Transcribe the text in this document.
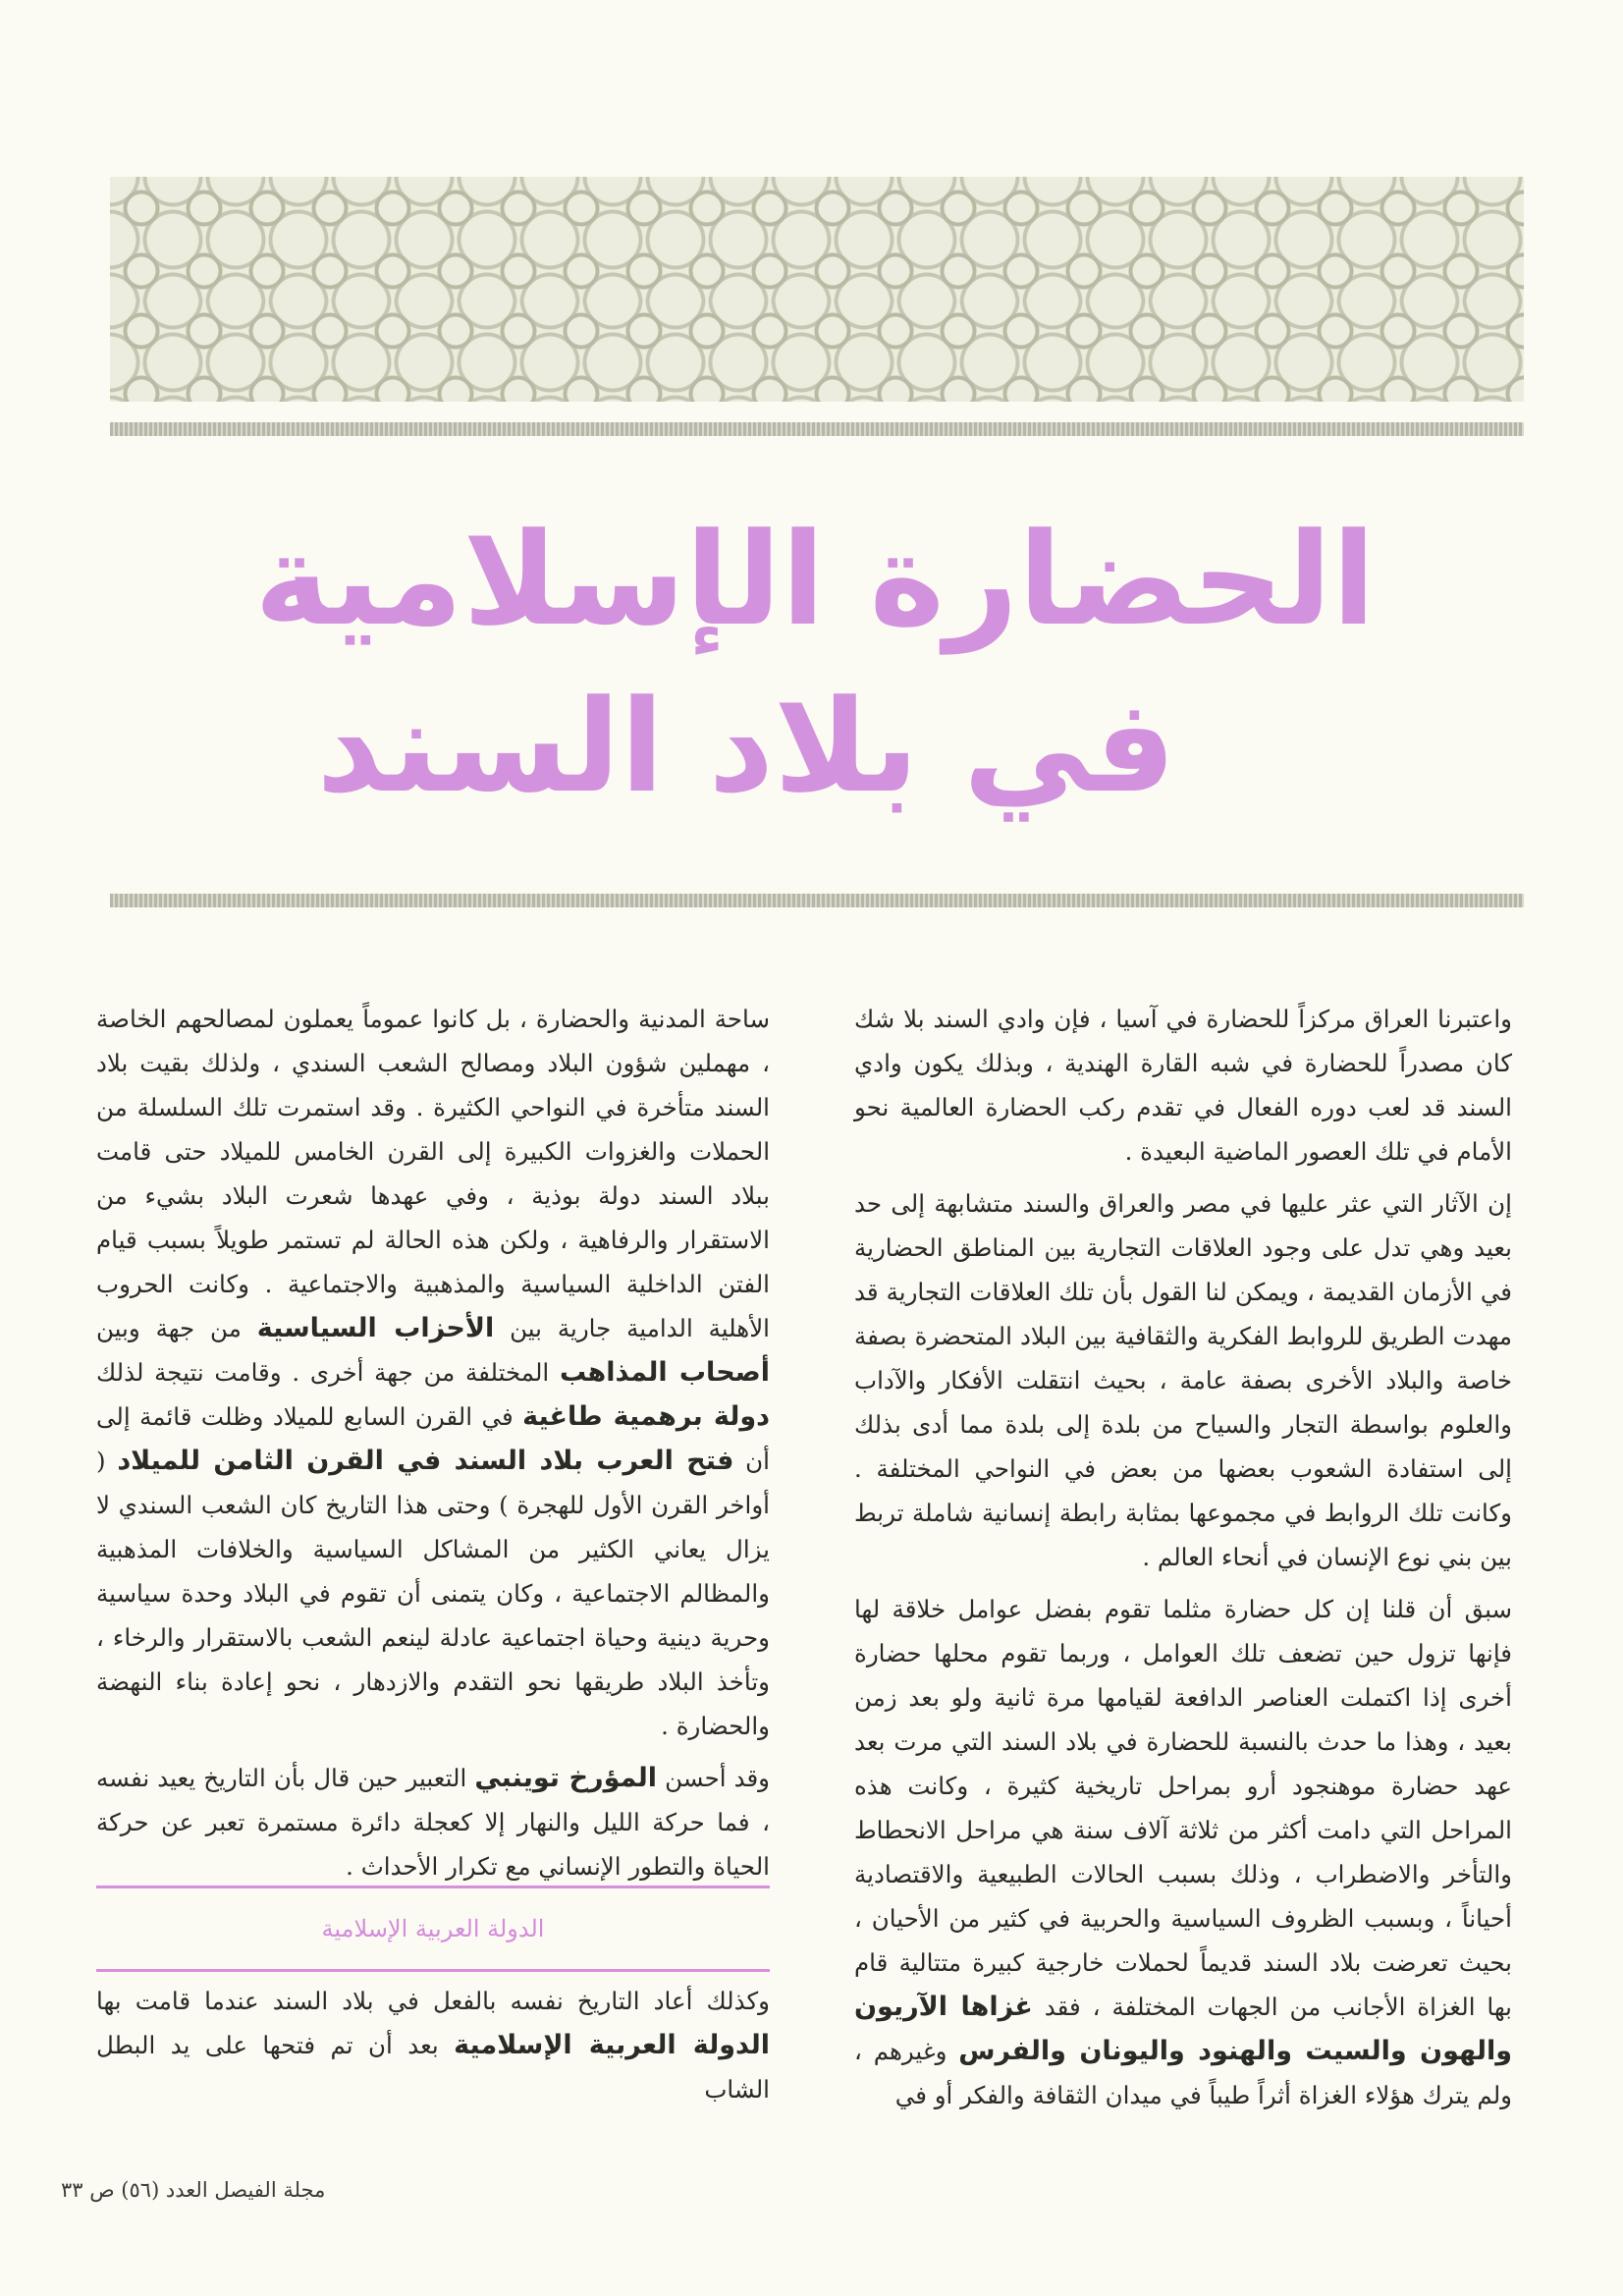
الحضارة الإسلامية
في بلاد السند

واعتبرنا العراق مركزاً للحضارة في آسيا ، فإن وادي السند بلا شك كان مصدراً للحضارة في شبه القارة الهندية ، وبذلك يكون وادي السند قد لعب دوره الفعال في تقدم ركب الحضارة العالمية نحو الأمام في تلك العصور الماضية البعيدة .

إن الآثار التي عثر عليها في مصر والعراق والسند متشابهة إلى حد بعيد وهي تدل على وجود العلاقات التجارية بين المناطق الحضارية في الأزمان القديمة ، ويمكن لنا القول بأن تلك العلاقات التجارية قد مهدت الطريق للروابط الفكرية والثقافية بين البلاد المتحضرة بصفة خاصة والبلاد الأخرى بصفة عامة ، بحيث انتقلت الأفكار والآداب والعلوم بواسطة التجار والسياح من بلدة إلى بلدة مما أدى بذلك إلى استفادة الشعوب بعضها من بعض في النواحي المختلفة . وكانت تلك الروابط في مجموعها بمثابة رابطة إنسانية شاملة تربط بين بني نوع الإنسان في أنحاء العالم .

سبق أن قلنا إن كل حضارة مثلما تقوم بفضل عوامل خلاقة لها فإنها تزول حين تضعف تلك العوامل ، وربما تقوم محلها حضارة أخرى إذا اكتملت العناصر الدافعة لقيامها مرة ثانية ولو بعد زمن بعيد ، وهذا ما حدث بالنسبة للحضارة في بلاد السند التي مرت بعد عهد حضارة موهنجود أرو بمراحل تاريخية كثيرة ، وكانت هذه المراحل التي دامت أكثر من ثلاثة آلاف سنة هي مراحل الانحطاط والتأخر والاضطراب ، وذلك بسبب الحالات الطبيعية والاقتصادية أحياناً ، وبسبب الظروف السياسية والحربية في كثير من الأحيان ، بحيث تعرضت بلاد السند قديماً لحملات خارجية كبيرة متتالية قام بها الغزاة الأجانب من الجهات المختلفة ، فقد غزاها الآريون والهون والسيت والهنود واليونان والفرس وغيرهم ، ولم يترك هؤلاء الغزاة أثراً طيباً في ميدان الثقافة والفكر أو في

ساحة المدنية والحضارة ، بل كانوا عموماً يعملون لمصالحهم الخاصة ، مهملين شؤون البلاد ومصالح الشعب السندي ، ولذلك بقيت بلاد السند متأخرة في النواحي الكثيرة . وقد استمرت تلك السلسلة من الحملات والغزوات الكبيرة إلى القرن الخامس للميلاد حتى قامت ببلاد السند دولة بوذية ، وفي عهدها شعرت البلاد بشيء من الاستقرار والرفاهية ، ولكن هذه الحالة لم تستمر طويلاً بسبب قيام الفتن الداخلية السياسية والمذهبية والاجتماعية . وكانت الحروب الأهلية الدامية جارية بين الأحزاب السياسية من جهة وبين أصحاب المذاهب المختلفة من جهة أخرى . وقامت نتيجة لذلك دولة برهمية طاغية في القرن السابع للميلاد وظلت قائمة إلى أن فتح العرب بلاد السند في القرن الثامن للميلاد ( أواخر القرن الأول للهجرة ) وحتى هذا التاريخ كان الشعب السندي لا يزال يعاني الكثير من المشاكل السياسية والخلافات المذهبية والمظالم الاجتماعية ، وكان يتمنى أن تقوم في البلاد وحدة سياسية وحرية دينية وحياة اجتماعية عادلة لينعم الشعب بالاستقرار والرخاء ، وتأخذ البلاد طريقها نحو التقدم والازدهار ، نحو إعادة بناء النهضة والحضارة .

وقد أحسن المؤرخ توينبي التعبير حين قال بأن التاريخ يعيد نفسه ، فما حركة الليل والنهار إلا كعجلة دائرة مستمرة تعبر عن حركة الحياة والتطور الإنساني مع تكرار الأحداث .

الدولة العربية الإسلامية

وكذلك أعاد التاريخ نفسه بالفعل في بلاد السند عندما قامت بها الدولة العربية الإسلامية بعد أن تم فتحها على يد البطل الشاب

مجلة الفيصل العدد (٥٦) ص ٣٣
